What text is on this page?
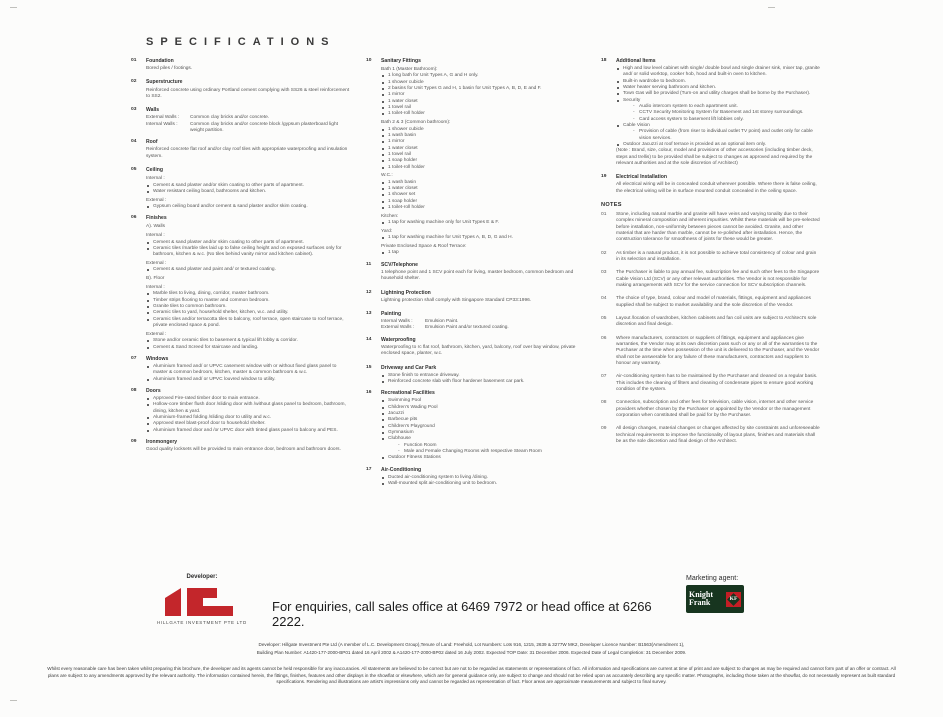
SPECIFICATIONS
01	Foundation
Bored piles / footings.
02	Superstructure
Reinforced concrete using ordinary Portland cement complying with SS26 & steel reinforcement to SS2.
03	Walls
External Walls :	Common clay bricks and/or concrete.
Internal Walls :	Common clay bricks and/or concrete block /gypsum plasterboard light weight partition.
04	Roof
Reinforced concrete flat roof and/or clay roof tiles with appropriate waterproofing and insulation system.
05	Ceiling
Internal :
Cement & sand plaster and/or skim coating to other parts of apartment.
Water resistant ceiling board, bathrooms and kitchen.
External :
Gypsum ceiling board and/or cement & sand plaster and/or skim coating.
06	Finishes
A). Walls
Internal :
Cement & sand plaster and/or skim coating to other parts of apartment.
Ceramic tiles /marble tiles laid up to false ceiling height and on exposed surfaces only for bathroom, kitchen & w.c. (No tiles behind vanity mirror and kitchen cabinet).
External :
Cement & sand plaster and paint and/ or textured coating.
B). Floor
Internal :
Marble tiles to living, dining, corridor, master bathroom.
Timber strips flooring to master and common bedroom.
Granite tiles to common bathroom.
Ceramic tiles to yard, household shelter, kitchen, w.c. and utility.
Ceramic tiles and/or terracotta tiles to balcony, roof terrace, open staircase to roof terrace, private enclosed space & pond.
External :
Stone and/or ceramic tiles to basement & typical lift lobby & corridor.
Cement & Sand Screed for staircase and landing.
07	Windows
Aluminium framed and/ or UPVC casement window with or without fixed glass panel to master & common bedroom, kitchen, master & common bathroom & w.c.
Aluminium framed and/ or UPVC louvred window to utility.
08	Doors
Approved Fire-rated timber door to main entrance.
Hollow-core timber flush door /sliding door with /without glass panel to bedroom, bathroom, dining, kitchen & yard.
Aluminium-framed folding /sliding door to utility and w.c.
Approved steel blast-proof door to household shelter.
Aluminium framed door and /or UPVC door with tinted glass panel to balcony and PES.
09	Ironmongery
Good quality locksets will be provided to main entrance door, bedroom and bathroom doors.
10	Sanitary Fittings
Bath 1 (Master Bathroom):
1 long bath for Unit Types A, G and H only.
1 shower cubicle
2 basins for Unit Types G and H, 1 basin for Unit Types A, B, D, E and F.
1 mirror
1 water closet
1 towel rail
1 toilet-roll holder
Bath 2 & 3 (Common bathroom):
1 shower cubicle
1 wash basin
1 mirror
1 water closet
1 towel rail
1 soap holder
1 toilet-roll holder
W.C.:
1 wash basin
1 water closet
1 shower set
1 soap holder
1 toilet-roll holder
Kitchen:
1 tap for washing machine only for Unit Types E & F.
Yard:
1 tap for washing machine for Unit Types A, B, D, G and H.
Private Enclosed Space & Roof Terrace:
1 tap
11	SCV/Telephone
1 telephone point and 1 SCV point each for living, master bedroom, common bedroom and household shelter.
12	Lightning Protection
Lightning protection shall comply with Singapore Standard CP33:1996.
13	Painting
Internal Walls :	Emulsion Paint.
External Walls :	Emulsion Paint and/or textured coating.
14	Waterproofing
Waterproofing to rc flat roof, bathroom, kitchen, yard, balcony, roof over bay window, private enclosed space, planter, w.c.
15	Driveway and Car Park
Stone finish to entrance driveway.
Reinforced concrete slab with floor hardener basement car park.
16	Recreational Facilities
Swimming Pool
Children's Wading Pool
Jacuzzi
Barbecue pits
Children's Playground
Gymnasium
Clubhouse
- Function Room
- Male and Female Changing Rooms with respective Steam Room
Outdoor Fitness Stations
17	Air-Conditioning
Ducted air-conditioning system to living /dining.
Wall-mounted split air-conditioning unit to bedroom.
18	Additional Items
High and low level cabinet with single/ double bowl and single drainer sink, mixer tap, granite and/ or solid worktop, cooker hob, hood and built-in oven to kitchen.
Built-in wardrobe to bedroom.
Water heater serving bathroom and kitchen.
Town Gas will be provided (Turn-on and utility charges shall be borne by the Purchaser).
Security
- Audio intercom system to each apartment unit.
- CCTV Security Monitoring System for Basement and 1st storey surroundings.
- Card access system to basement lift lobbies only.
Cable Vision
- Provision of cable (from riser to individual outlet TV point) and outlet only for cable vision services.
Outdoor Jacuzzi at roof terrace is provided as an optional item only.
(Note : Brand, size, colour, model and provisions of other accessories (including timber deck, steps and trellis) to be provided shall be subject to changes as approved and required by the relevant authorities and at the sole discretion of Architect)
19	Electrical Installation
All electrical wiring will be in concealed conduit wherever possible. Where there is false ceiling, the electrical wiring will be in surface mounted conduit concealed in the ceiling space.
NOTES
01	Stone, including natural marble and granite will have veins and varying tonality due to their complex mineral composition and inherent impurities. Whilst these materials will be pre-selected before installation, non-uniformity between pieces cannot be avoided. Granite, and other material that are harder than marble, cannot be re-polished after installation. Hence, the construction tolerance for smoothness of joints for these would be greater.
02	As timber is a natural product, it is not possible to achieve total consistency of colour and grain in its selection and installation.
03	The Purchaser is liable to pay annual fee, subscription fee and such other fees to the Singapore Cable Vision Ltd (SCV) or any other relevant authorities. The Vendor is not responsible for making arrangements with SCV for the service connection for SCV subscription channels.
04	The choice of type, brand, colour and model of materials, fittings, equipment and appliances supplied shall be subject to market availability and the sole discretion of the Vendor.
05	Layout /location of wardrobes, kitchen cabinets and fan coil units are subject to Architect's sole discretion and final design.
06	Where manufacturers, contractors or suppliers of fittings, equipment and appliances give warranties, the Vendor may at its own discretion pass such or any or all of the warranties to the Purchaser at the time when possession of the unit is delivered to the Purchaser, and the Vendor shall not be answerable for any failure of these manufacturers, contractors and suppliers to honour any warranty.
07	Air-conditioning system has to be maintained by the Purchaser and cleaned on a regular basis. This includes the cleaning of filters and cleaning of condensate pipes to ensure good working condition of the system.
08	Connection, subscription and other fees for television, cable vision, internet and other service providers whether chosen by the Purchaser or appointed by the Vendor or the management corporation when constituted shall be paid for by the Purchaser.
09	All design changes, material changes or changes affected by site constraints and unforeseeable technical requirements to improve the functionality of layout plans, finishes and materials shall be as the sole discretion and final design of the Architect.
Developer:
HILLGATE INVESTMENT PTE LTD
For enquiries, call sales office at 6469 7972 or head office at 6266 2222.
Marketing agent:
Knight
Frank	KF
Developer: Hillgate Investment Pte Ltd (A member of L.C. Development Group),Tenure of Land: Freehold, Lot Numbers: Lots 916, 1215, 2639 & 3277W MK2, Developer Licence Number: B1563(Amendment 1),
Building Plan Number: A1420-177-2000-BP01 dated 16 April 2002 & A1420-177-2000-BP02 dated 16 July 2002. Expected TOP Date: 31 December 2006. Expected Date of Legal Completion: 31 December 2009.
Whilst every reasonable care has been taken whilst preparing this brochure, the developer and its agents cannot be held responsible for any inaccuracies. All statements are believed to be correct but are not to be regarded as statements or representations of fact. All information and specifications are current at time of print and are subject to changes as may be required and cannot form part of an offer or contract. All plans are subject to any amendments approved by the relevant authority. The information contained herein, the fittings, finishes, features and other displays in the showflat or elsewhere, which are for general guidance only, are subject to change and should not be relied upon as accurately describing any specific matter. Photographs, including those taken at the showflat, do not necessarily represent as built standard specifications. Rendering and illustrations are artist's impressions only and cannot be regarded as representation of fact. Floor areas are approximate measurements and subject to final survey.
